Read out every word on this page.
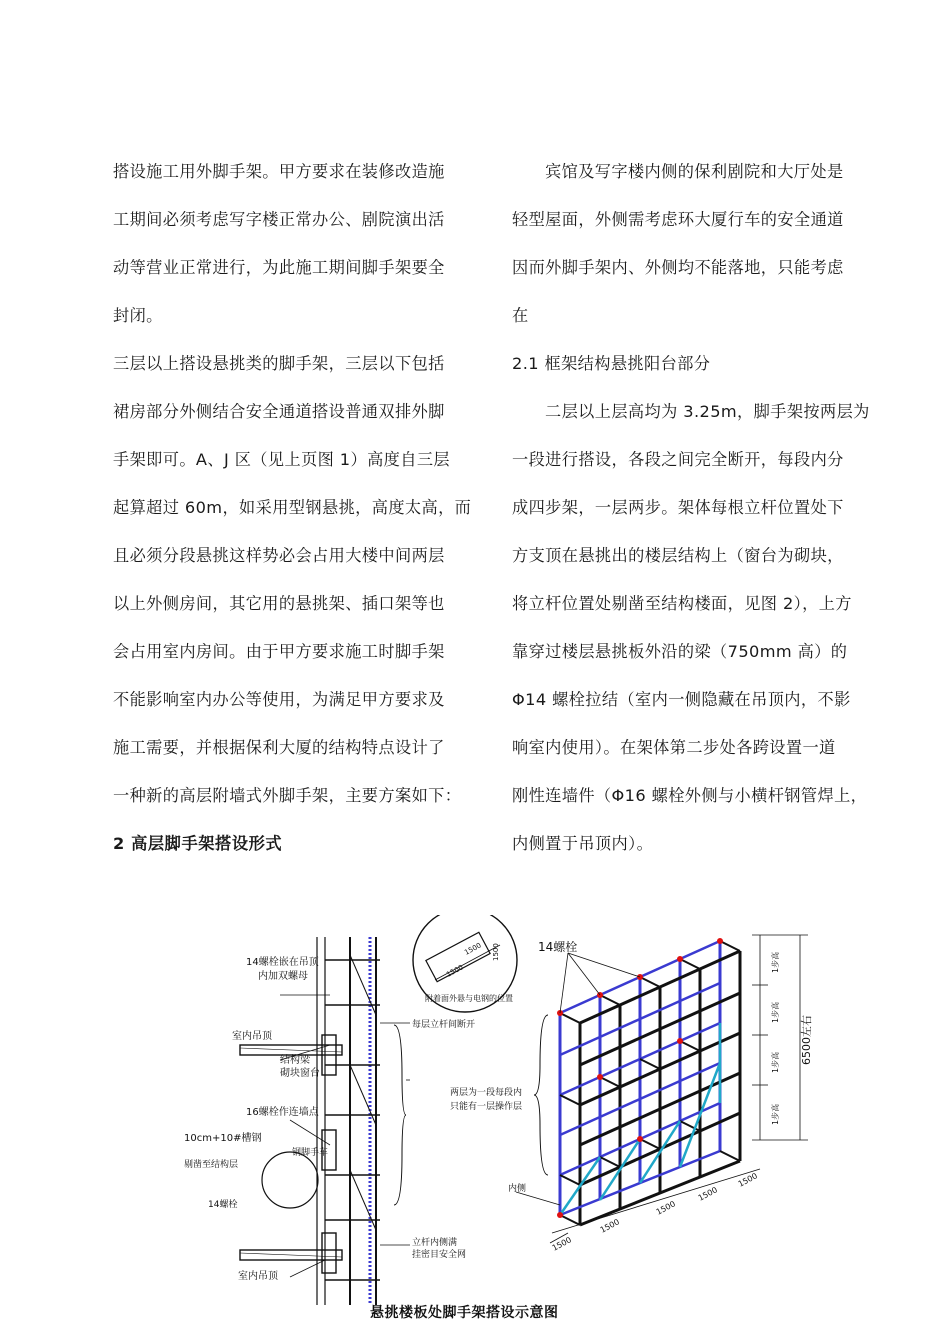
搭设施工用外脚手架。甲方要求在装修改造施
工期间必须考虑写字楼正常办公、剧院演出活
动等营业正常进行，为此施工期间脚手架要全
封闭。
三层以上搭设悬挑类的脚手架，三层以下包括
裙房部分外侧结合安全通道搭设普通双排外脚
手架即可。A、J 区（见上页图 1）高度自三层
起算超过 60m，如采用型钢悬挑，高度太高，而
且必须分段悬挑这样势必会占用大楼中间两层
以上外侧房间，其它用的悬挑架、插口架等也
会占用室内房间。由于甲方要求施工时脚手架
不能影响室内办公等使用，为满足甲方要求及
施工需要，并根据保利大厦的结构特点设计了
一种新的高层附墙式外脚手架，主要方案如下：
2 高层脚手架搭设形式
宾馆及写字楼内侧的保利剧院和大厅处是
轻型屋面，外侧需考虑环大厦行车的安全通道
因而外脚手架内、外侧均不能落地，只能考虑
在
2.1 框架结构悬挑阳台部分
二层以上层高均为 3.25m，脚手架按两层为
一段进行搭设，各段之间完全断开，每段内分
成四步架，一层两步。架体每根立杆位置处下
方支顶在悬挑出的楼层结构上（窗台为砌块，
将立杆位置处剔凿至结构楼面，见图 2），上方
靠穿过楼层悬挑板外沿的梁（750mm 高）的
Φ14 螺栓拉结（室内一侧隐藏在吊顶内，不影
响室内使用）。在架体第二步处各跨设置一道
刚性连墙件（Φ16 螺栓外侧与小横杆钢管焊上，
内侧置于吊顶内）。
14螺栓嵌在吊顶
内加双螺母
室内吊顶
结构梁
砌块窗台
16螺栓作连墙点
10cm+10#槽钢
剔凿至结构层
钢脚手车
14螺栓
室内吊顶
每层立杆间断开
立杆内侧满
挂密目安全网
附着面外悬与电钢的位置
1500
1500
1500	14螺栓
两层为一段每段内
只能有一层操作层
内侧
6500左右
1步高
1步高
1步高
1步高
1500
1500
1500
1500
1500
悬挑楼板处脚手架搭设示意图
